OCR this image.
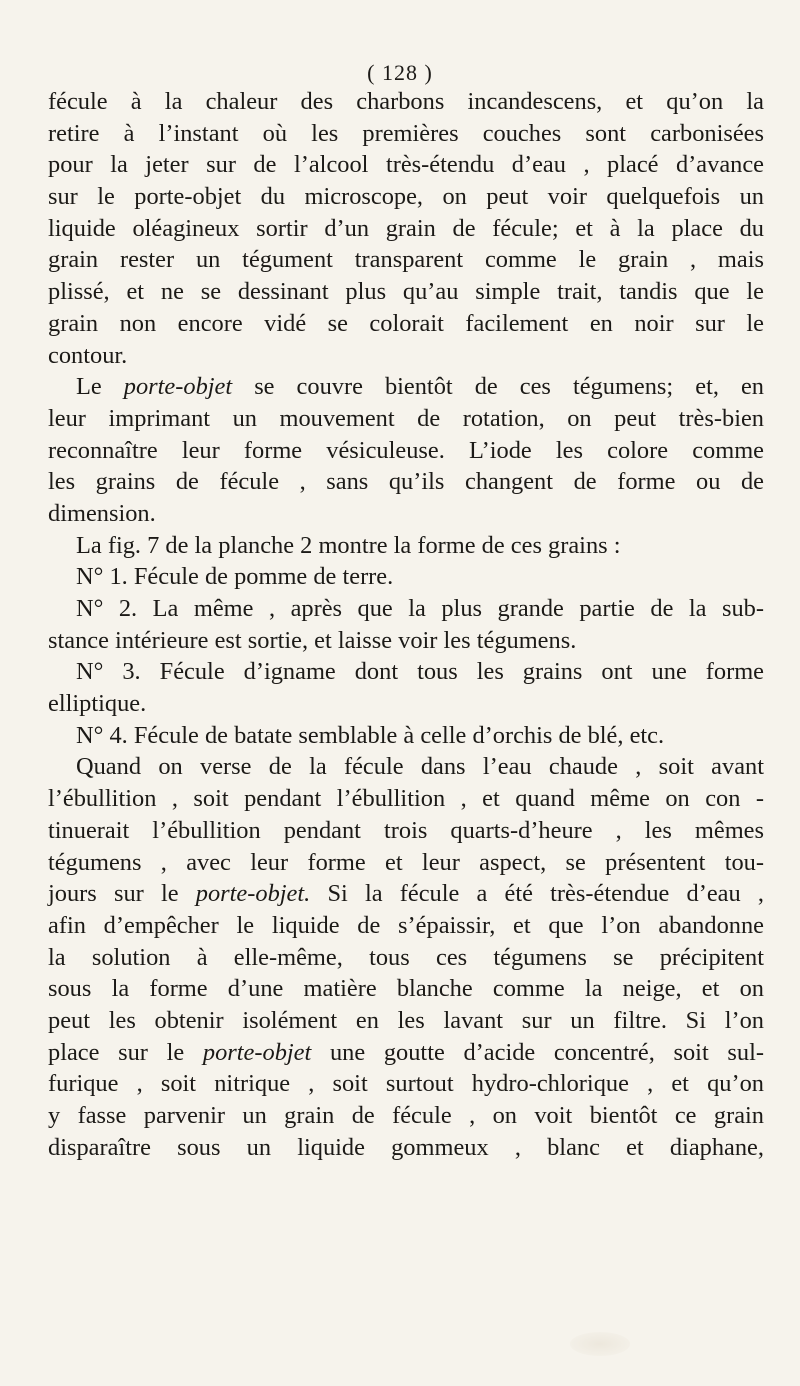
( 128 )
fécule à la chaleur des charbons incandescens, et qu’on la
retire à l’instant où les premières couches sont carbonisées
pour la jeter sur de l’alcool très-étendu d’eau , placé d’avance
sur le porte-objet du microscope, on peut voir quelquefois un
liquide oléagineux sortir d’un grain de fécule; et à la place du
grain rester un tégument transparent comme le grain , mais
plissé, et ne se dessinant plus qu’au simple trait, tandis que le
grain non encore vidé se colorait facilement en noir sur le
contour.
Le porte-objet se couvre bientôt de ces tégumens; et, en
leur imprimant un mouvement de rotation, on peut très-bien
reconnaître leur forme vésiculeuse. L’iode les colore comme
les grains de fécule , sans qu’ils changent de forme ou de
dimension.
La fig. 7 de la planche 2 montre la forme de ces grains :
N° 1. Fécule de pomme de terre.
N° 2. La même , après que la plus grande partie de la sub-
stance intérieure est sortie, et laisse voir les tégumens.
N° 3. Fécule d’igname dont tous les grains ont une forme
elliptique.
N° 4. Fécule de batate semblable à celle d’orchis de blé, etc.
Quand on verse de la fécule dans l’eau chaude , soit avant
l’ébullition , soit pendant l’ébullition , et quand même on con -
tinuerait l’ébullition pendant trois quarts-d’heure , les mêmes
tégumens , avec leur forme et leur aspect, se présentent tou-
jours sur le porte-objet. Si la fécule a été très-étendue d’eau ,
afin d’empêcher le liquide de s’épaissir, et que l’on abandonne
la solution à elle-même, tous ces tégumens se précipitent
sous la forme d’une matière blanche comme la neige, et on
peut les obtenir isolément en les lavant sur un filtre. Si l’on
place sur le porte-objet une goutte d’acide concentré, soit sul-
furique , soit nitrique , soit surtout hydro-chlorique , et qu’on
y fasse parvenir un grain de fécule , on voit bientôt ce grain
disparaître sous un liquide gommeux , blanc et diaphane,
